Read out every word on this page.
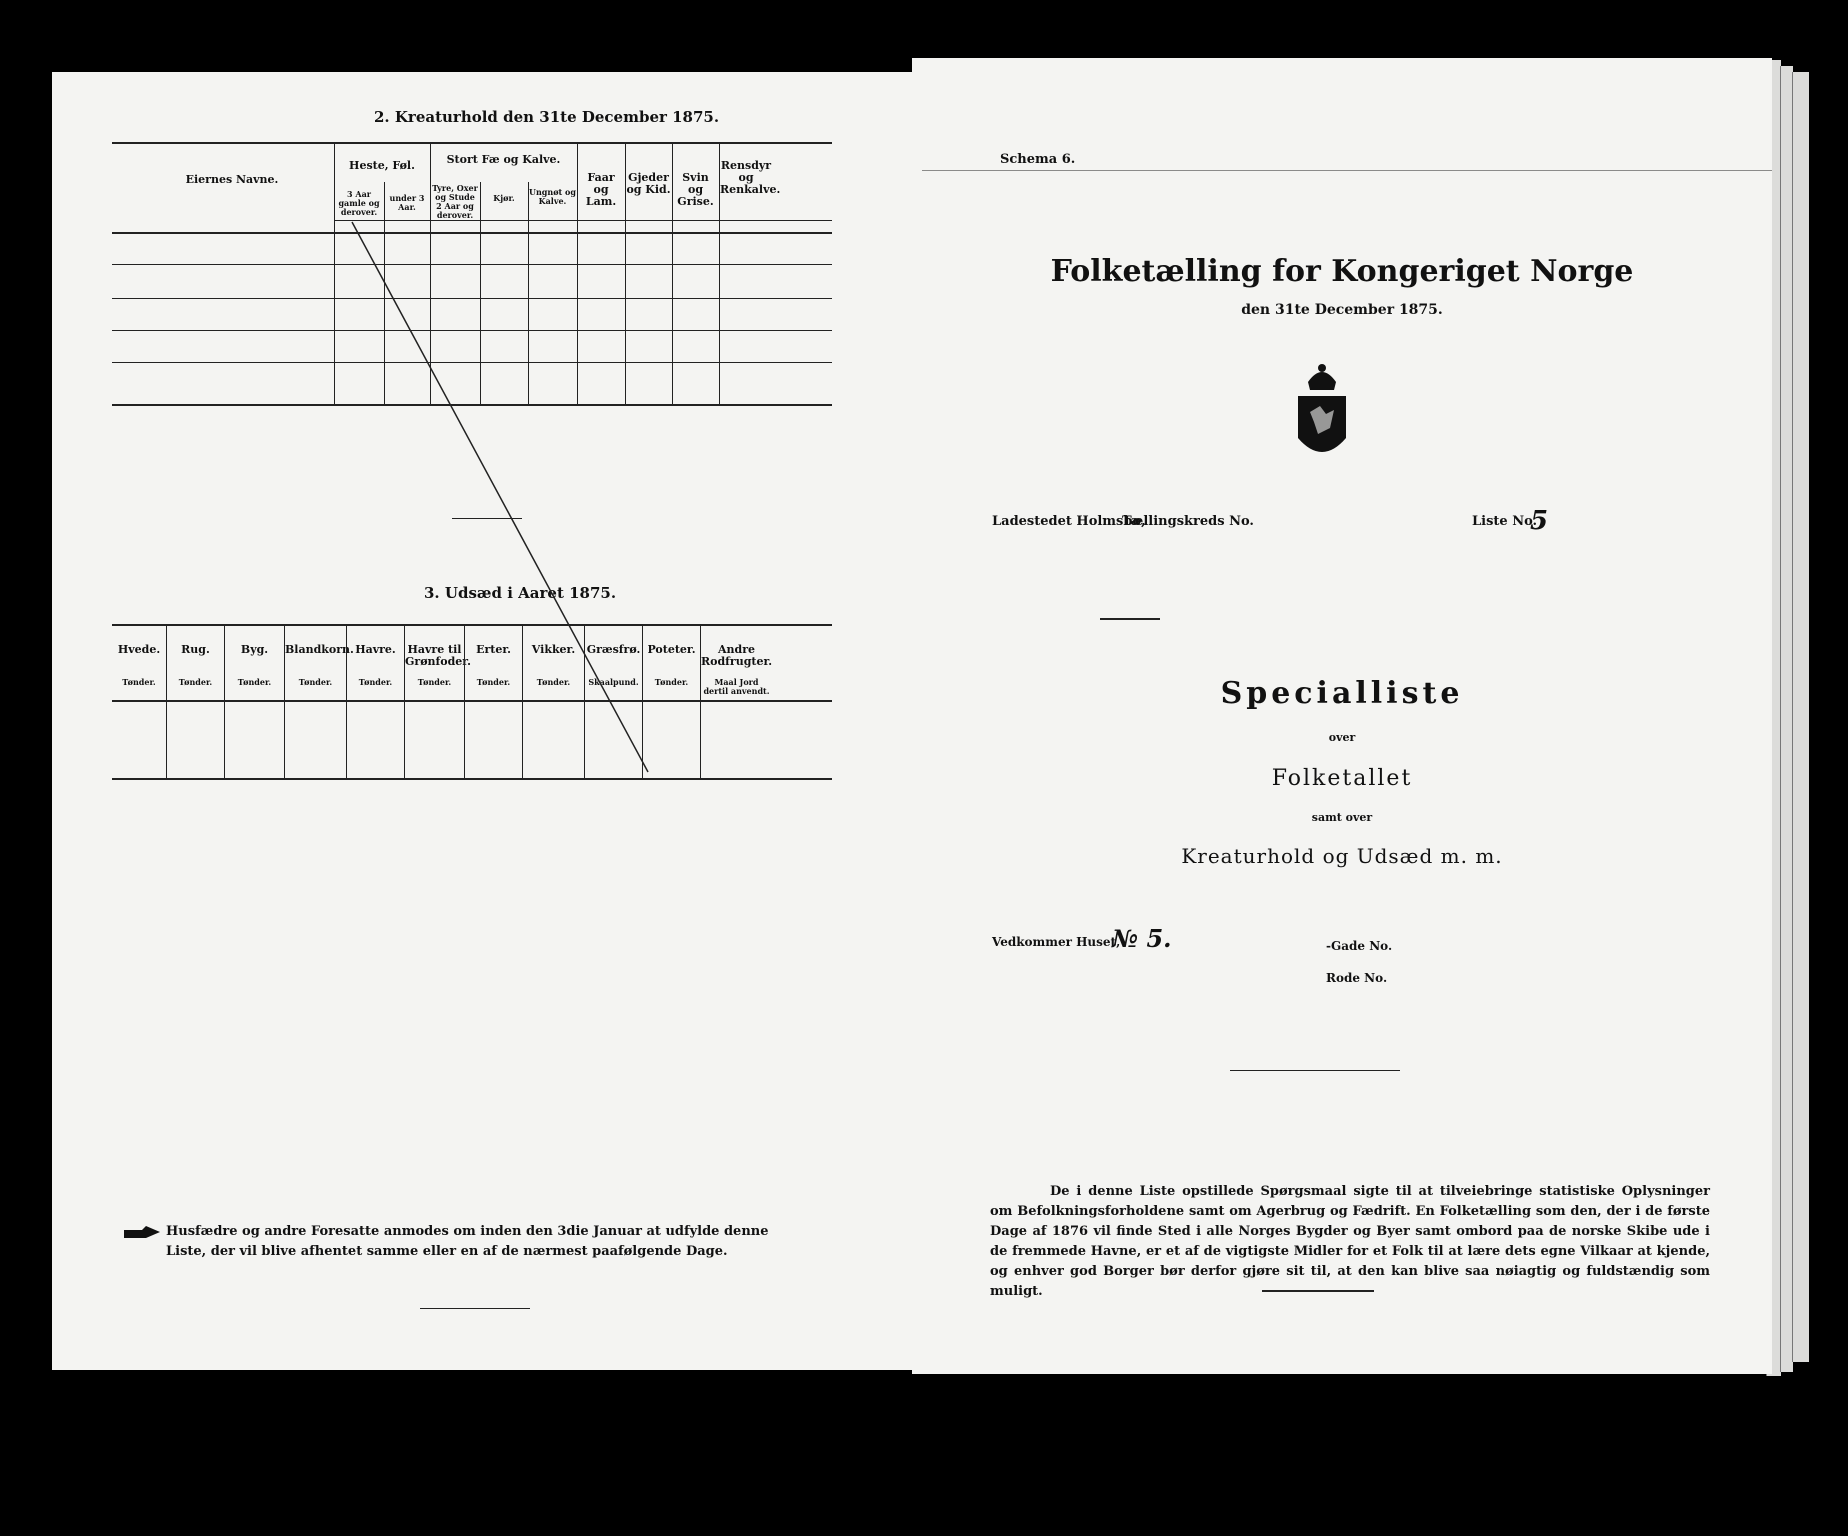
2. Kreaturhold den 31te December 1875.
Eiernes Navne.
Heste, Føl.
3 Aar gamle og derover.
under 3 Aar.
Stort Fæ og Kalve.
Tyre, Oxer og Stude 2 Aar og derover.
Kjør.
Ungnøt og Kalve.
Faar og Lam.
Gjeder og Kid.
Svin og Grise.
Rensdyr og Renkalve.
3. Udsæd i Aaret 1875.
Hvede.
Tønder.
Rug.
Tønder.
Byg.
Tønder.
Blandkorn.
Tønder.
Havre.
Tønder.
Havre til Grønfoder.
Tønder.
Erter.
Tønder.
Vikker.
Tønder.
Græsfrø.
Skaalpund.
Poteter.
Tønder.
Andre Rodfrugter.
Maal Jord dertil anvendt.
Husfædre og andre Foresatte anmodes om inden den 3die Januar at udfylde denne Liste, der vil blive afhentet samme eller en af de nærmest paafølgende Dage.
Schema 6.
Folketælling for Kongeriget Norge
den 31te December 1875.
Ladestedet Holmsbo,
Tællingskreds No.	Liste No.
5
Specialliste
over
Folketallet
samt over
Kreaturhold og Udsæd m. m.
Vedkommer Huset,
№ 5.	-Gade No.
Rode No.
De i denne Liste opstillede Spørgsmaal sigte til at tilveiebringe statistiske Oplysninger om Befolkningsforholdene samt om Agerbrug og Fædrift. En Folketælling som den, der i de første Dage af 1876 vil finde Sted i alle Norges Bygder og Byer samt ombord paa de norske Skibe ude i de fremmede Havne, er et af de vigtigste Midler for et Folk til at lære dets egne Vilkaar at kjende, og enhver god Borger bør derfor gjøre sit til, at den kan blive saa nøiagtig og fuldstændig som muligt.
